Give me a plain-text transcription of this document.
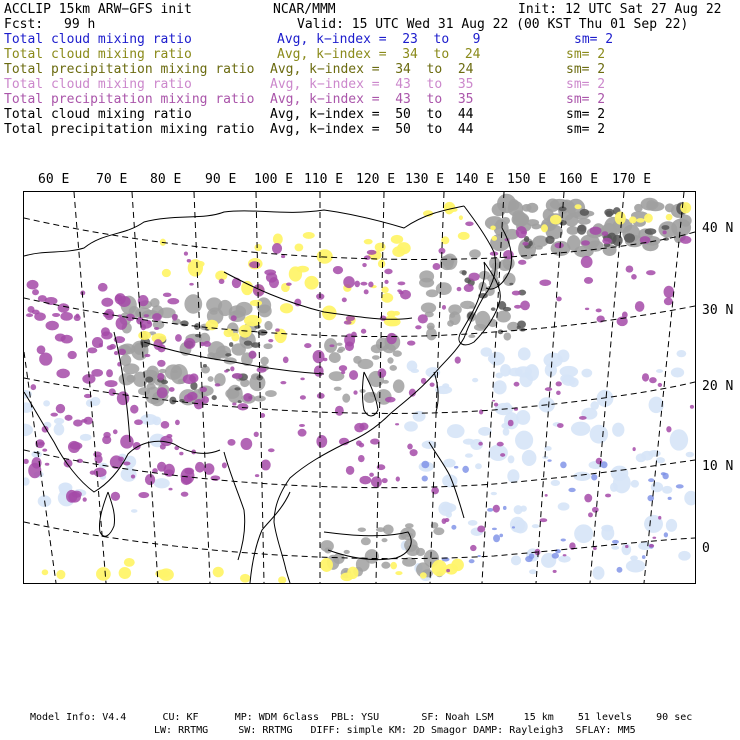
ACCLIP 15km ARW−GFS init	NCAR/MMM	Init: 12 UTC Sat 27 Aug 22
Fcst: 99 h	Valid: 15 UTC Wed 31 Aug 22 (00 KST Thu 01 Sep 22)
Total cloud mixing ratio	Avg, k−index =  23  to   9	sm= 2
Total cloud mixing ratio	Avg, k−index =  34  to  24	sm= 2
Total precipitation mixing ratio Avg, k−index =  34  to  24	sm= 2
Total cloud mixing ratio	Avg, k−index =  43  to  35	sm= 2
Total precipitation mixing ratio Avg, k−index =  43  to  35	sm= 2
Total cloud mixing ratio	Avg, k−index =  50  to  44	sm= 2
Total precipitation mixing ratio Avg, k−index =  50  to  44	sm= 2
60 E 70 E 80 E 90 E 100 E 110 E 120 E 130 E 140 E 150 E 160 E 170 E
40 N
30 N
20 N
10 N
0
Model Info: V4.4      CU: KF      MP: WDM 6class  PBL: YSU       SF: Noah LSM     15 km    51 levels    90 sec
LW: RRTMG     SW: RRTMG   DIFF: simple KM: 2D Smagor DAMP: Rayleigh3  SFLAY: MM5
